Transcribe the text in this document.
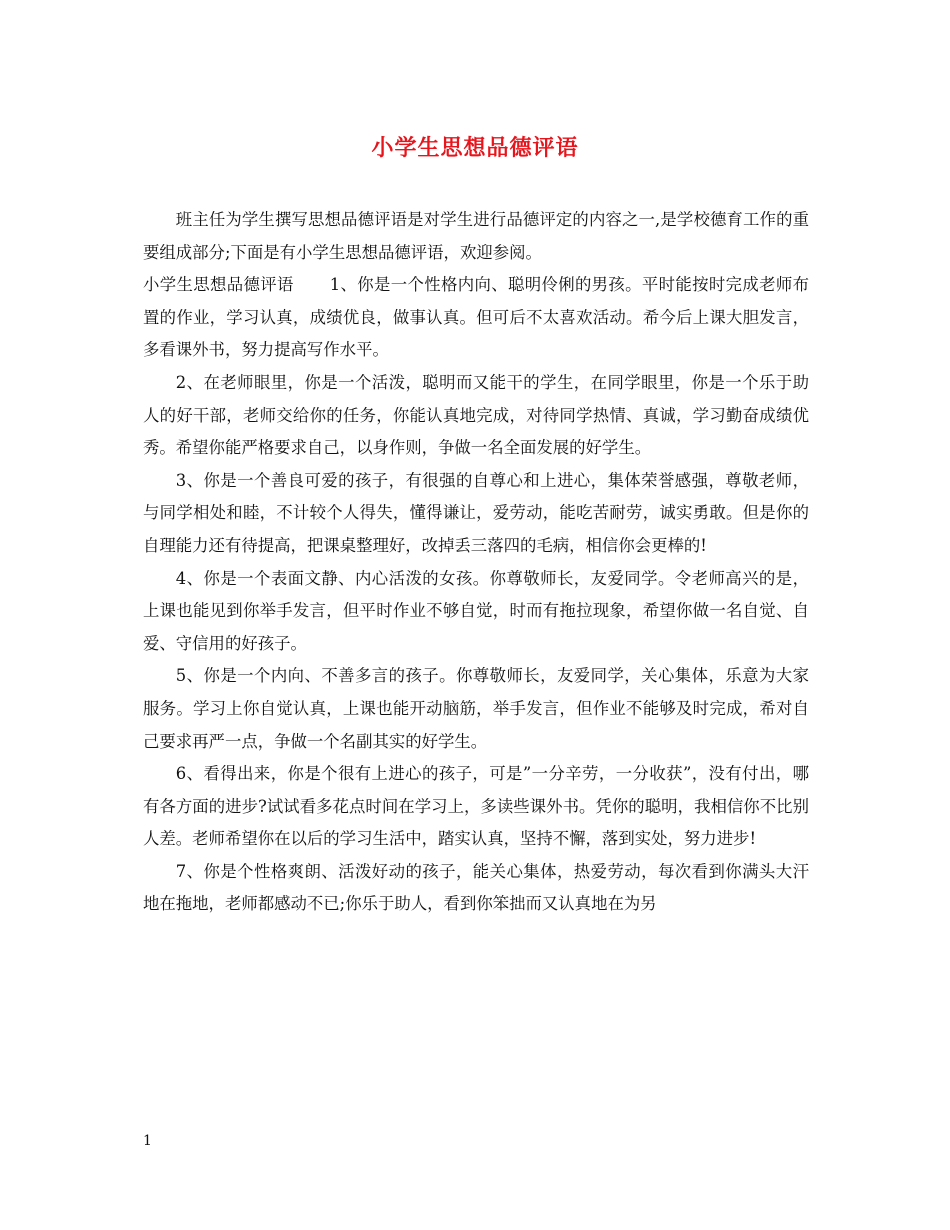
小学生思想品德评语

班主任为学生撰写思想品德评语是对学生进行品德评定的内容之一,是学校德育工作的重要组成部分;下面是有小学生思想品德评语，欢迎参阅。

小学生思想品德评语 1、你是一个性格内向、聪明伶俐的男孩。平时能按时完成老师布置的作业，学习认真，成绩优良，做事认真。但可后不太喜欢活动。希今后上课大胆发言，多看课外书，努力提高写作水平。

2、在老师眼里，你是一个活泼，聪明而又能干的学生，在同学眼里，你是一个乐于助人的好干部，老师交给你的任务，你能认真地完成，对待同学热情、真诚，学习勤奋成绩优秀。希望你能严格要求自己，以身作则，争做一名全面发展的好学生。

3、你是一个善良可爱的孩子，有很强的自尊心和上进心，集体荣誉感强，尊敬老师，与同学相处和睦，不计较个人得失，懂得谦让，爱劳动，能吃苦耐劳，诚实勇敢。但是你的自理能力还有待提高，把课桌整理好，改掉丢三落四的毛病，相信你会更棒的!

4、你是一个表面文静、内心活泼的女孩。你尊敬师长，友爱同学。令老师高兴的是，上课也能见到你举手发言，但平时作业不够自觉，时而有拖拉现象，希望你做一名自觉、自爱、守信用的好孩子。

5、你是一个内向、不善多言的孩子。你尊敬师长，友爱同学，关心集体，乐意为大家服务。学习上你自觉认真，上课也能开动脑筋，举手发言，但作业不能够及时完成，希对自己要求再严一点，争做一个名副其实的好学生。

6、看得出来，你是个很有上进心的孩子，可是”一分辛劳，一分收获”，没有付出，哪有各方面的进步?试试看多花点时间在学习上，多读些课外书。凭你的聪明，我相信你不比别人差。老师希望你在以后的学习生活中，踏实认真，坚持不懈，落到实处，努力进步!

7、你是个性格爽朗、活泼好动的孩子，能关心集体，热爱劳动，每次看到你满头大汗地在拖地，老师都感动不已;你乐于助人，看到你笨拙而又认真地在为另

1
